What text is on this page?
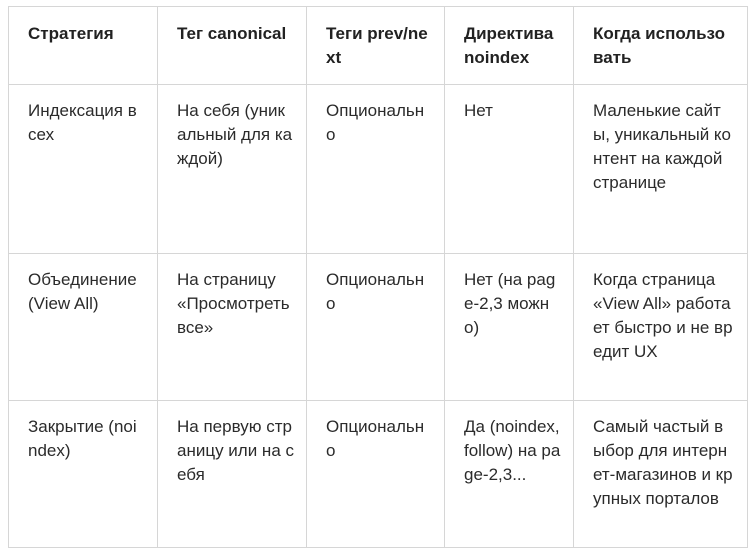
Стратегия	Тег canonical	Теги prev/next	Директива noindex	Когда использовать
Индексация всех	На себя (уникальный для каждой)	Опционально	Нет	Маленькие сайты, уникальный контент на каждой странице
Объединение (View All)	На страницу «Просмотреть все»	Опционально	Нет (на page-2,3 можно)	Когда страница «View All» работает быстро и не вредит UX
Закрытие (noindex)	На первую страницу или на себя	Опционально	Да (noindex, follow) на page-2,3...	Самый частый выбор для интернет-магазинов и крупных порталов
